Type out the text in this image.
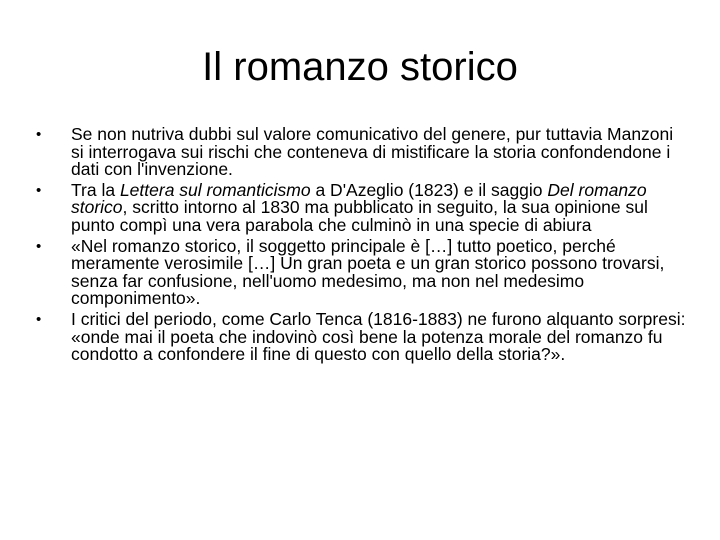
Il romanzo storico
•	Se non nutriva dubbi sul valore comunicativo del genere, pur tuttavia Manzoni si interrogava sui rischi che conteneva di mistificare la storia confondendone i dati con l'invenzione.
•	Tra la Lettera sul romanticismo a D'Azeglio (1823) e il saggio Del romanzo storico, scritto intorno al 1830 ma pubblicato in seguito, la sua opinione sul punto compì una vera parabola che culminò in una specie di abiura
•	«Nel romanzo storico, il soggetto principale è […] tutto poetico, perché meramente verosimile […] Un gran poeta e un gran storico possono trovarsi, senza far confusione, nell'uomo medesimo, ma non nel medesimo componimento».
•	I critici del periodo, come Carlo Tenca (1816-1883) ne furono alquanto sorpresi: «onde mai il poeta che indovinò così bene la potenza morale del romanzo fu condotto a confondere il fine di questo con quello della storia?».
